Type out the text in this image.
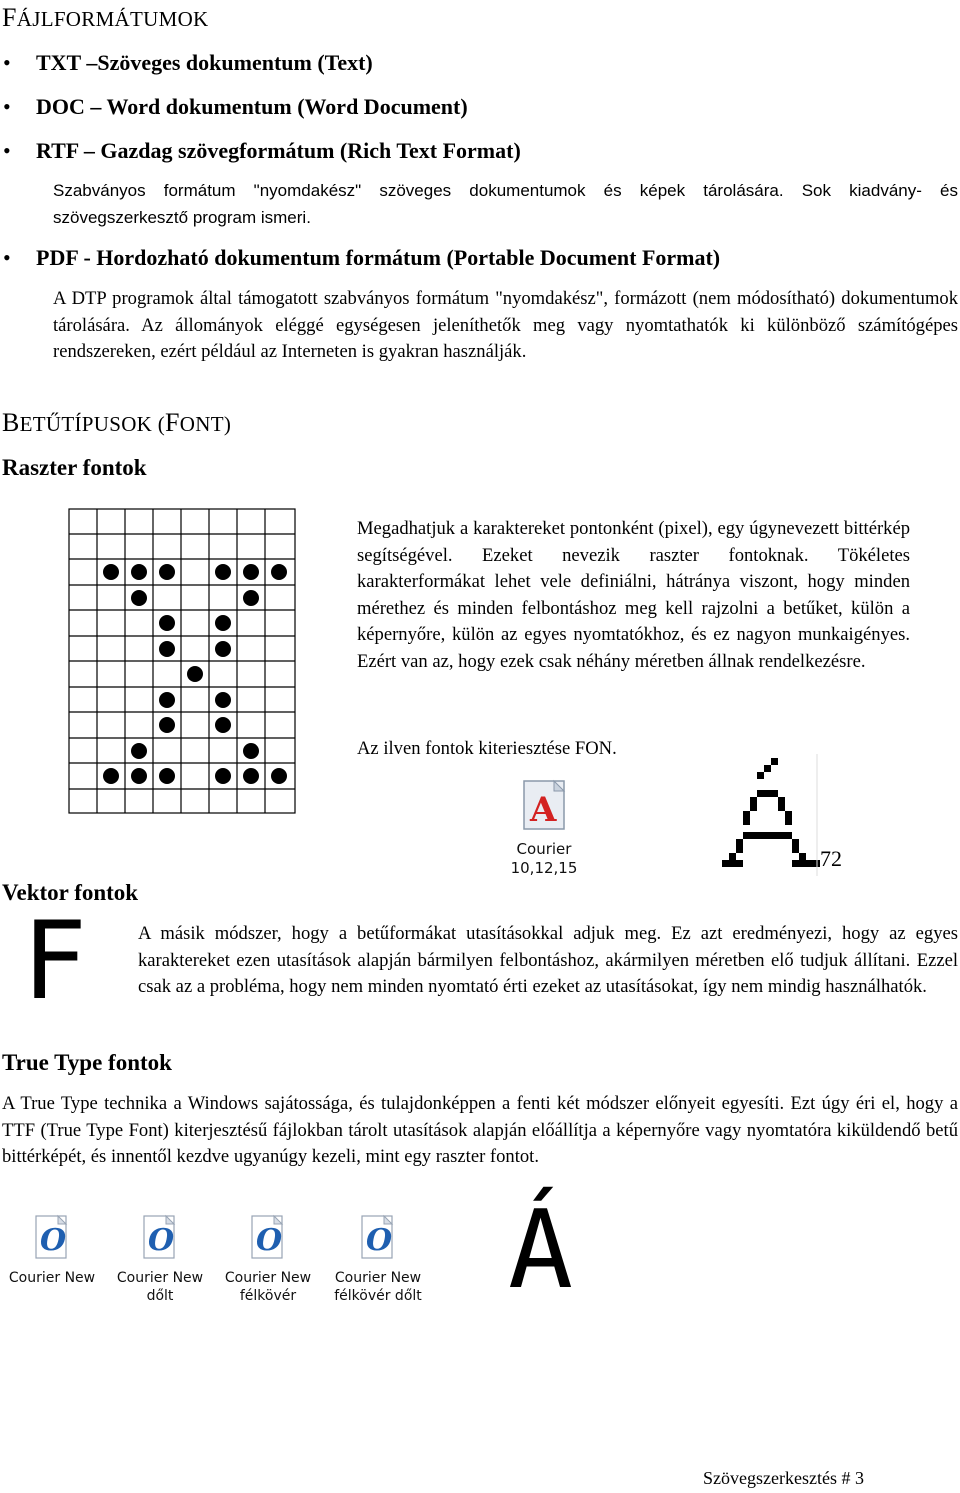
FÁJLFORMÁTUMOK
• TXT –Szöveges dokumentum (Text)
• DOC – Word dokumentum (Word Document)
• RTF – Gazdag szövegformátum (Rich Text Format)
Szabványos formátum "nyomdakész" szöveges dokumentumok és képek tárolására. Sok kiadvány- és szövegszerkesztő program ismeri.
• PDF - Hordozható dokumentum formátum (Portable Document Format)
A DTP programok által támogatott szabványos formátum "nyomdakész", formázott (nem módosítható) dokumentumok tárolására. Az állományok eléggé egységesen jeleníthetők meg vagy nyomtathatók ki különböző számítógépes rendszereken, ezért például az Interneten is gyakran használják.
BETŰTÍPUSOK (FONT)
Raszter fontok
Megadhatjuk a karaktereket pontonként (pixel), egy úgynevezett bittérkép segítségével. Ezeket nevezik raszter fontoknak. Tökéletes karakterformákat lehet vele definiálni, hátránya viszont, hogy minden mérethez és minden felbontáshoz meg kell rajzolni a betűket, külön a képernyőre, külön az egyes nyomtatókhoz, és ez nagyon munkaigényes. Ezért van az, hogy ezek csak néhány méretben állnak rendelkezésre.
Az ilven fontok kiteriesztése FON.
A
Courier
10,12,15	72
Vektor fontok
F	A másik módszer, hogy a betűformákat utasításokkal adjuk meg. Ez azt eredményezi, hogy az egyes karaktereket ezen utasítások alapján bármilyen felbontáshoz, akármilyen méretben elő tudjuk állítani. Ezzel csak az a probléma, hogy nem minden nyomtató érti ezeket az utasításokat, így nem mindig használhatók.
True Type fontok
A True Type technika a Windows sajátossága, és tulajdonképpen a fenti két módszer előnyeit egyesíti. Ezt úgy éri el, hogy a TTF (True Type Font) kiterjesztésű fájlokban tárolt utasítások alapján előállítja a képernyőre vagy nyomtatóra kiküldendő betű bittérképét, és innentől kezdve ugyanúgy kezeli, mint egy raszter fontot.
O
Courier New
O
Courier New
dőlt
O
Courier New
félkövér
O
Courier New
félkövér dőlt Á
Szövegszerkesztés # 3
